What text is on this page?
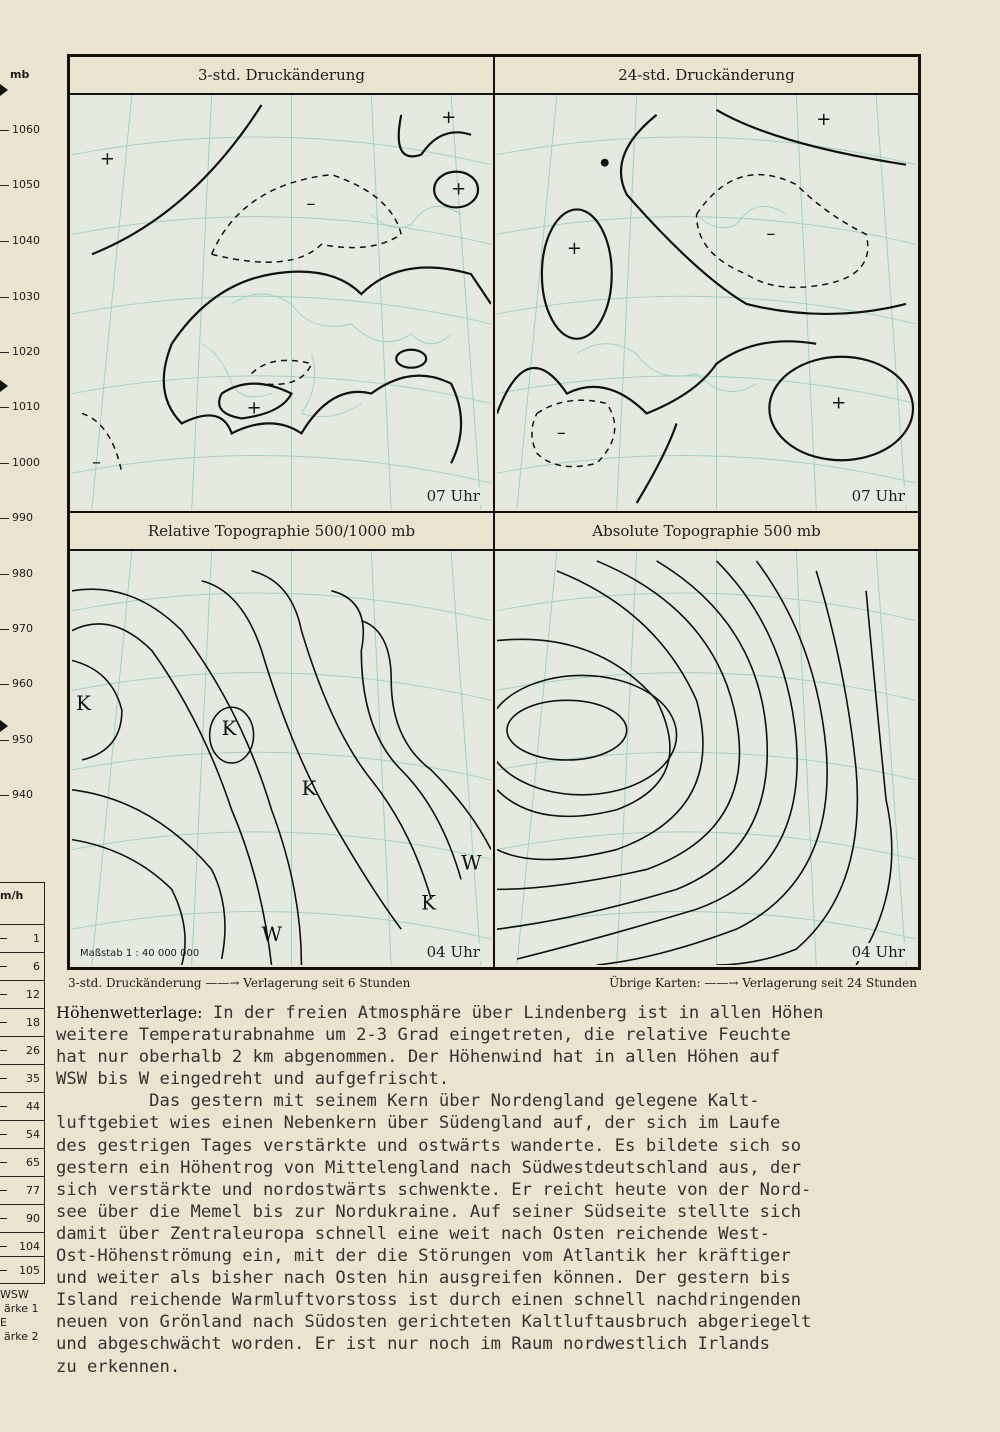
mb
1060
1050
1040
1030
1020
1010
1000
990
980
970
960
950
940
m/h
1
6
12
18
26
35
44
54
65
77
90
104
105
WSW
ärke 1
E
ärke 2
3-std. Druckänderung
+
+
+
–
–
+
07 Uhr
24-std. Druckänderung
+
+
–
–
+
07 Uhr
Relative Topographie 500/1000 mb
K
K
K
K
W
W
Maßstab 1 : 40 000 000	04 Uhr
Absolute Topographie 500 mb
04 Uhr
3-std. Druckänderung ——→ Verlagerung seit 6 Stunden	Übrige Karten: ——→ Verlagerung seit 24 Stunden
Höhenwetterlage: In der freien Atmosphäre über Lindenberg ist in allen Höhen
weitere Temperaturabnahme um 2-3 Grad eingetreten, die relative Feuchte
hat nur oberhalb 2 km abgenommen. Der Höhenwind hat in allen Höhen auf
WSW bis W eingedreht und aufgefrischt.
Das gestern mit seinem Kern über Nordengland gelegene Kalt-
luftgebiet wies einen Nebenkern über Südengland auf, der sich im Laufe
des gestrigen Tages verstärkte und ostwärts wanderte. Es bildete sich so
gestern ein Höhentrog von Mittelengland nach Südwestdeutschland aus, der
sich verstärkte und nordostwärts schwenkte. Er reicht heute von der Nord-
see über die Memel bis zur Nordukraine. Auf seiner Südseite stellte sich
damit über Zentraleuropa schnell eine weit nach Osten reichende West-
Ost-Höhenströmung ein, mit der die Störungen vom Atlantik her kräftiger
und weiter als bisher nach Osten hin ausgreifen können. Der gestern bis
Island reichende Warmluftvorstoss ist durch einen schnell nachdringenden
neuen von Grönland nach Südosten gerichteten Kaltluftausbruch abgeriegelt
und abgeschwächt worden. Er ist nur noch im Raum nordwestlich Irlands
zu erkennen.
